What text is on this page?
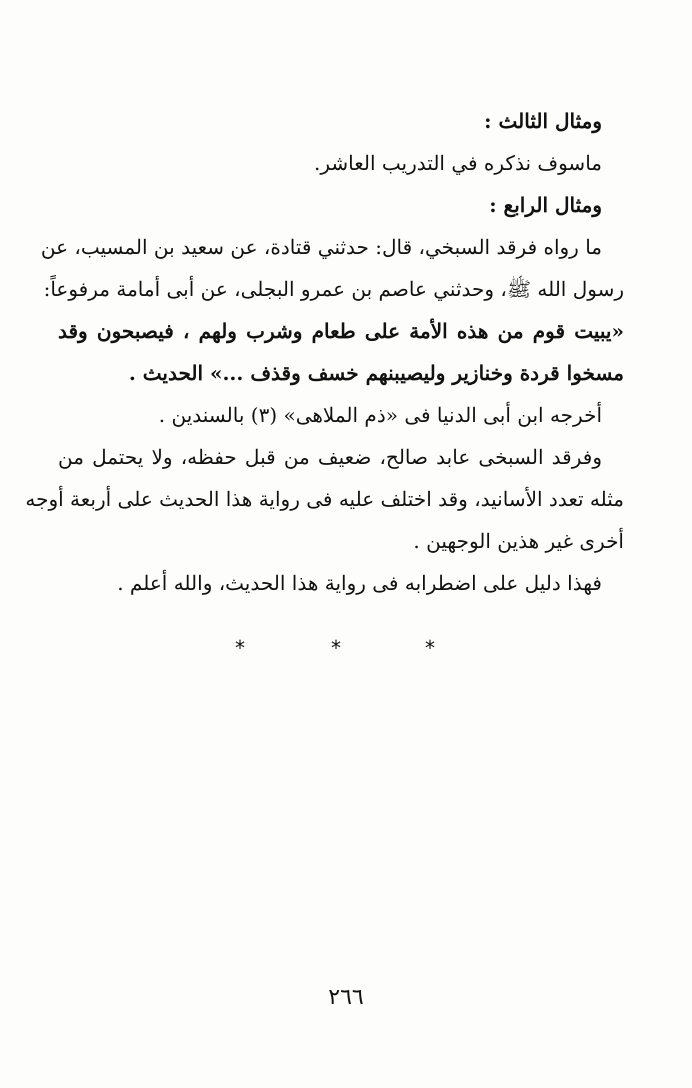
ومثال الثالث :
ماسوف نذكره في التدريب العاشر.
ومثال الرابع :
ما رواه فرقد السبخي، قال: حدثني قتادة، عن سعيد بن المسيب، عن
رسول الله ﷺ، وحدثني عاصم بن عمرو البجلى، عن أبى أمامة مرفوعاً:
«يبيت قوم من هذه الأمة على طعام وشرب ولهم ، فيصبحون وقد
مسخوا قردة وخنازير وليصيبنهم خسف وقذف ...» الحديث .
أخرجه ابن أبى الدنيا فى «ذم الملاهى» (٣) بالسندين .
وفرقد السبخى عابد صالح، ضعيف من قبل حفظه، ولا يحتمل من
مثله تعدد الأسانيد، وقد اختلف عليه فى رواية هذا الحديث على أربعة أوجه
أخرى غير هذين الوجهين .
فهذا دليل على اضطرابه فى رواية هذا الحديث، والله أعلم .
*	*	*
٢٦٦
